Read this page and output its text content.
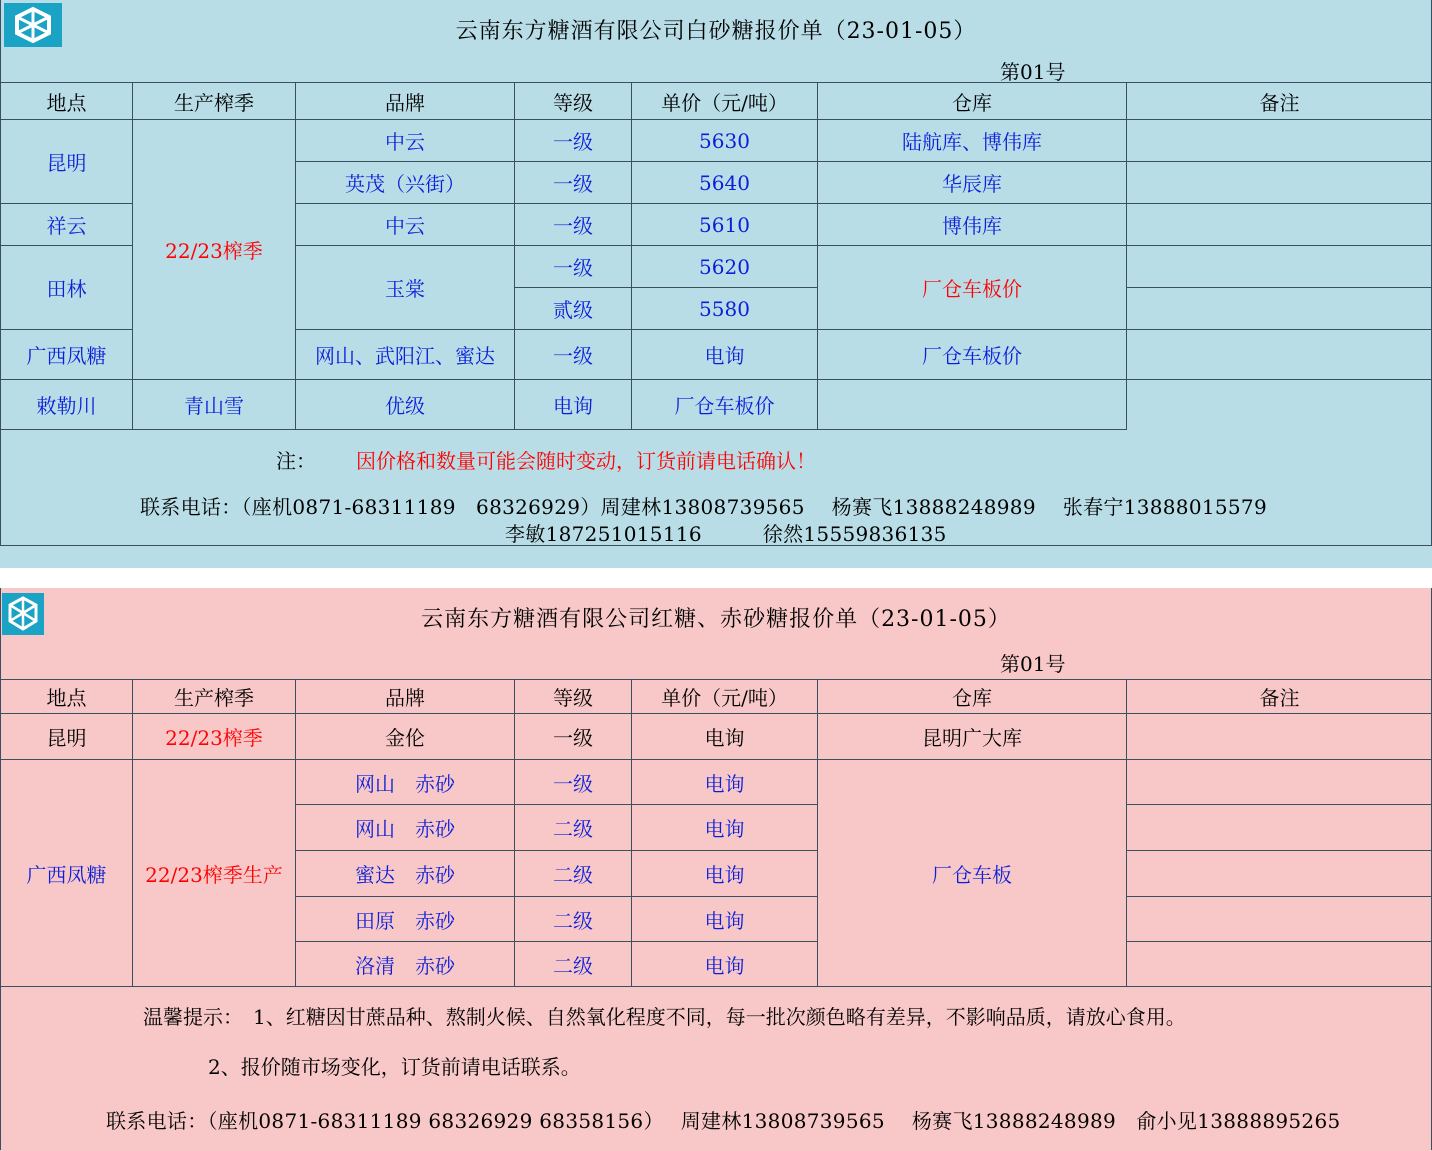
云南东方糖酒有限公司白砂糖报价单（23-01-05）
第01号
地点	生产榨季	品牌	等级	单价（元/吨）	仓库	备注
昆明	22/23榨季	中云	一级	5630	陆航库、博伟库	
		英茂（兴街）	一级	5640	华辰库	
祥云		中云	一级	5610	博伟库	
田林		玉棠	一级	5620	厂仓车板价	
			贰级	5580		
广西凤糖		网山、武阳江、蜜达	一级	电询	厂仓车板价	
敕勒川	青山雪	优级	电询	厂仓车板价		
注： 因价格和数量可能会随时变动，订货前请电话确认！
联系电话：（座机0871-68311189　68326929）周建林13808739565　 杨赛飞13888248989　 张春宁13888015579
李敏187251015116　　　徐然15559836135
云南东方糖酒有限公司红糖、赤砂糖报价单（23-01-05）
第01号
地点	生产榨季	品牌	等级	单价（元/吨）	仓库	备注
昆明	22/23榨季	金伦	一级	电询	昆明广大库	
广西凤糖	22/23榨季生产	网山　赤砂	一级	电询	厂仓车板	
		网山　赤砂	二级	电询		
		蜜达　赤砂	二级	电询		
		田原　赤砂	二级	电询		
		洛清　赤砂	二级	电询		
温馨提示：　1、红糖因甘蔗品种、熬制火候、自然氧化程度不同，每一批次颜色略有差异，不影响品质，请放心食用。
2、报价随市场变化，订货前请电话联系。
联系电话：（座机0871-68311189 68326929 68358156）　 周建林13808739565　 杨赛飞13888248989　俞小见13888895265
